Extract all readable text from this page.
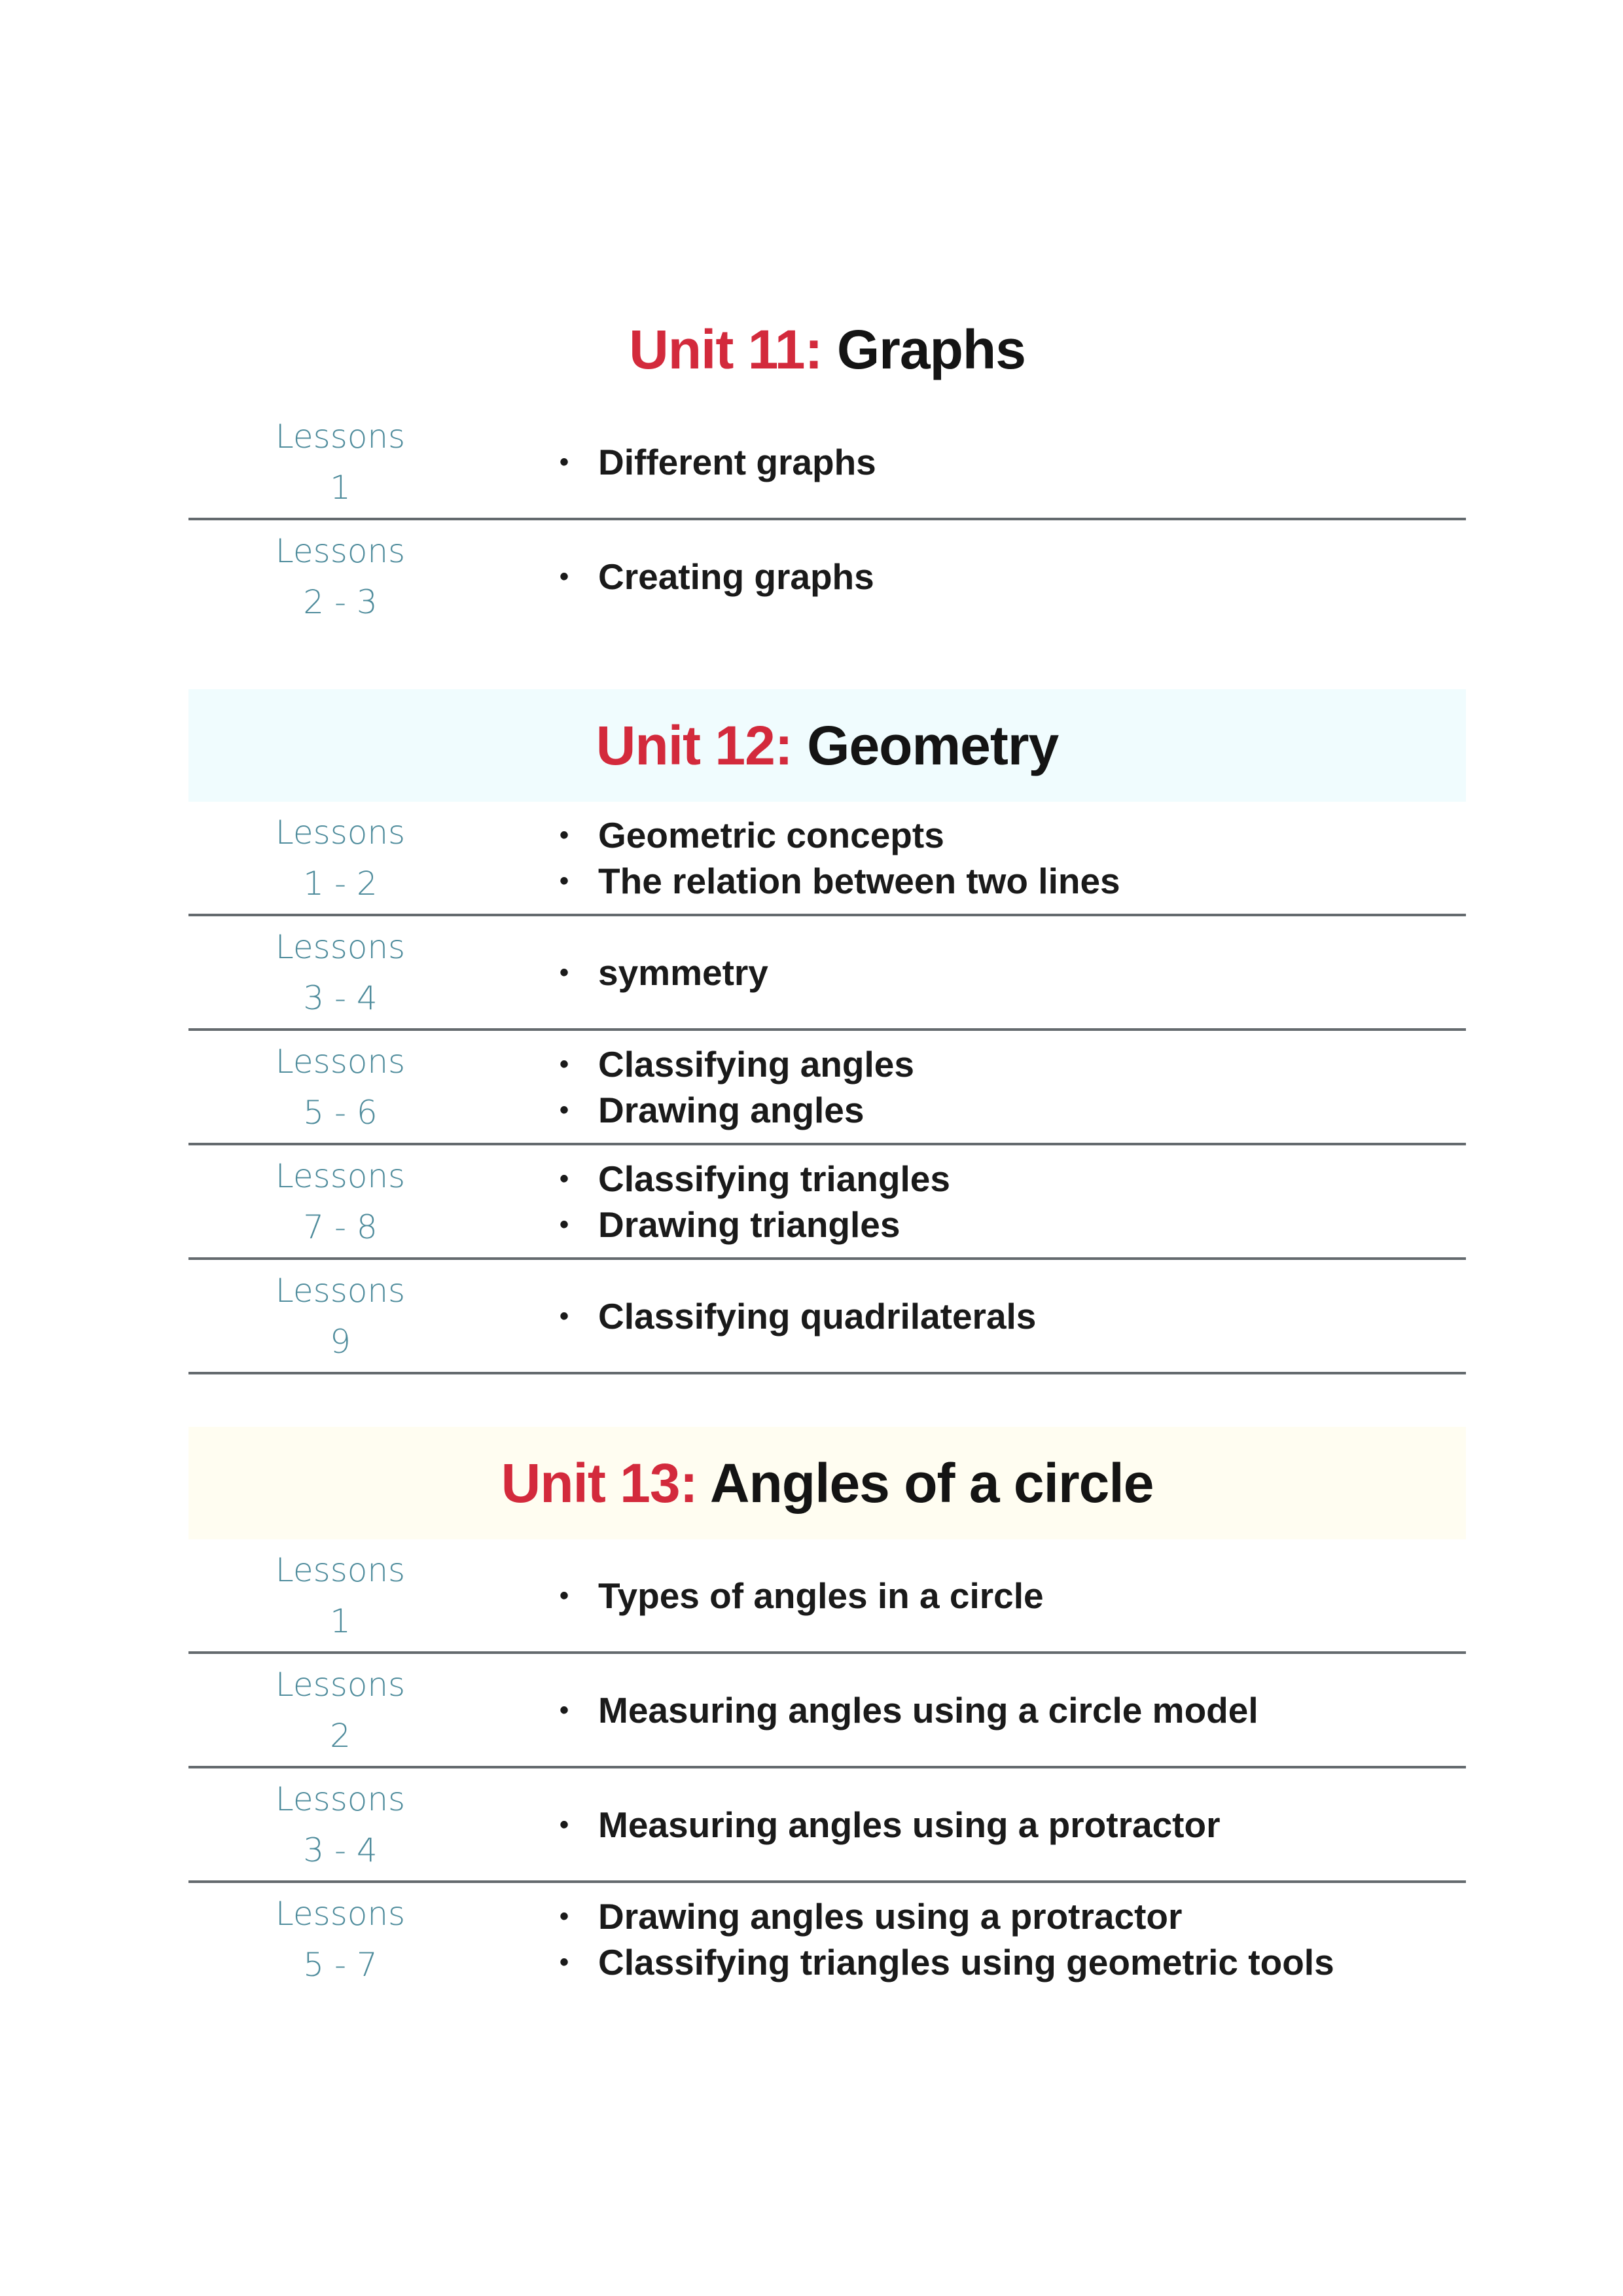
Unit 11: Graphs
Lessons
1
• Different graphs
Lessons
2 - 3
• Creating graphs
Unit 12: Geometry
Lessons
1 - 2
• Geometric concepts
• The relation between two lines
Lessons
3 - 4
• symmetry
Lessons
5 - 6
• Classifying angles
• Drawing angles
Lessons
7 - 8
• Classifying triangles
• Drawing triangles
Lessons
9
• Classifying quadrilaterals
Unit 13: Angles of a circle
Lessons
1
• Types of angles in a circle
Lessons
2
• Measuring angles using a circle model
Lessons
3 - 4
• Measuring angles using a protractor
Lessons
5 - 7
• Drawing angles using a protractor
• Classifying triangles using geometric tools
